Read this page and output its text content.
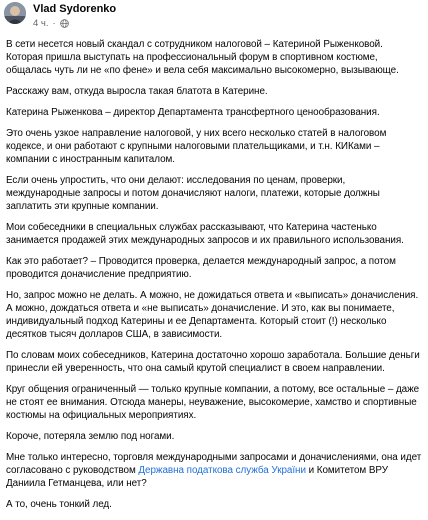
Vlad Sydorenko
4 ч. ·

В сети несется новый скандал с сотрудником налоговой – Катериной Рыженковой. Которая пришла выступать на профессиональный форум в спортивном костюме, общалась чуть ли не «по фене» и вела себя максимально высокомерно, вызывающе.

Расскажу вам, откуда выросла такая блатота в Катерине.

Катерина Рыженкова – директор Департамента трансфертного ценообразования.

Это очень узкое направление налоговой, у них всего несколько статей в налоговом кодексе, и они работают с крупными налоговыми плательщиками, и т.н. КИКами – компании с иностранным капиталом.

Если очень упростить, что они делают: исследования по ценам, проверки, международные запросы и потом доначисляют налоги, платежи, которые должны заплатить эти крупные компании.

Мои собеседники в специальных службах рассказывают, что Катерина частенько занимается продажей этих международных запросов и их правильного использования.

Как это работает? – Проводится проверка, делается международный запрос, а потом проводится доначисление предприятию.

Но, запрос можно не делать. А можно, не дожидаться ответа и «выписать» доначисления. А можно, дождаться ответа и «не выписать» доначисление. И это, как вы понимаете, индивидуальный подход Катерины и ее Департамента. Который стоит (!) несколько десятков тысяч долларов США, в зависимости.

По словам моих собеседников, Катерина достаточно хорошо заработала. Большие деньги принесли ей уверенность, что она самый крутой специалист в своем направлении.

Круг общения ограниченный — только крупные компании, а потому, все остальные – даже не стоят ее внимания. Отсюда манеры, неуважение, высокомерие, хамство и спортивные костюмы на официальных мероприятиях.

Короче, потеряла землю под ногами.

Мне только интересно, торговля международными запросами и доначислениями, она идет согласовано с руководством Державна податкова служба України и Комитетом ВРУ Даниила Гетманцева, или нет?

А то, очень тонкий лед.
